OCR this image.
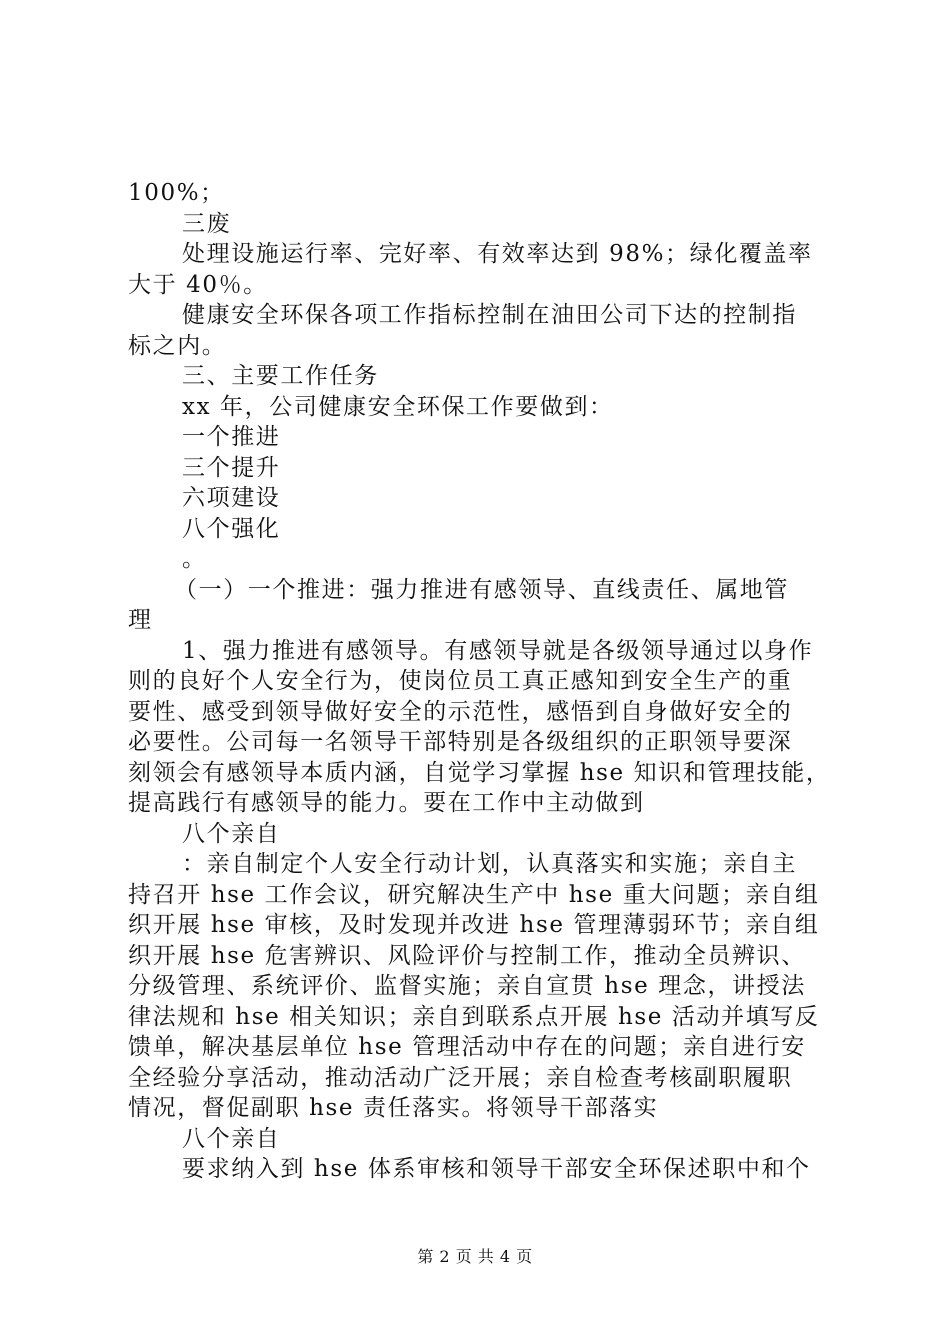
100%；
三废
处理设施运行率、完好率、有效率达到 98%；绿化覆盖率
大于 40％。
健康安全环保各项工作指标控制在油田公司下达的控制指
标之内。
三、主要工作任务
xx 年，公司健康安全环保工作要做到：
一个推进
三个提升
六项建设
八个强化
。
（一）一个推进：强力推进有感领导、直线责任、属地管
理
1、强力推进有感领导。有感领导就是各级领导通过以身作
则的良好个人安全行为，使岗位员工真正感知到安全生产的重
要性、感受到领导做好安全的示范性，感悟到自身做好安全的
必要性。公司每一名领导干部特别是各级组织的正职领导要深
刻领会有感领导本质内涵，自觉学习掌握 hse 知识和管理技能，
提高践行有感领导的能力。要在工作中主动做到
八个亲自
：亲自制定个人安全行动计划，认真落实和实施；亲自主
持召开 hse 工作会议，研究解决生产中 hse 重大问题；亲自组
织开展 hse 审核，及时发现并改进 hse 管理薄弱环节；亲自组
织开展 hse 危害辨识、风险评价与控制工作，推动全员辨识、
分级管理、系统评价、监督实施；亲自宣贯 hse 理念，讲授法
律法规和 hse 相关知识；亲自到联系点开展 hse 活动并填写反
馈单，解决基层单位 hse 管理活动中存在的问题；亲自进行安
全经验分享活动，推动活动广泛开展；亲自检查考核副职履职
情况，督促副职 hse 责任落实。将领导干部落实
八个亲自
要求纳入到 hse 体系审核和领导干部安全环保述职中和个
第 2 页 共 4 页
